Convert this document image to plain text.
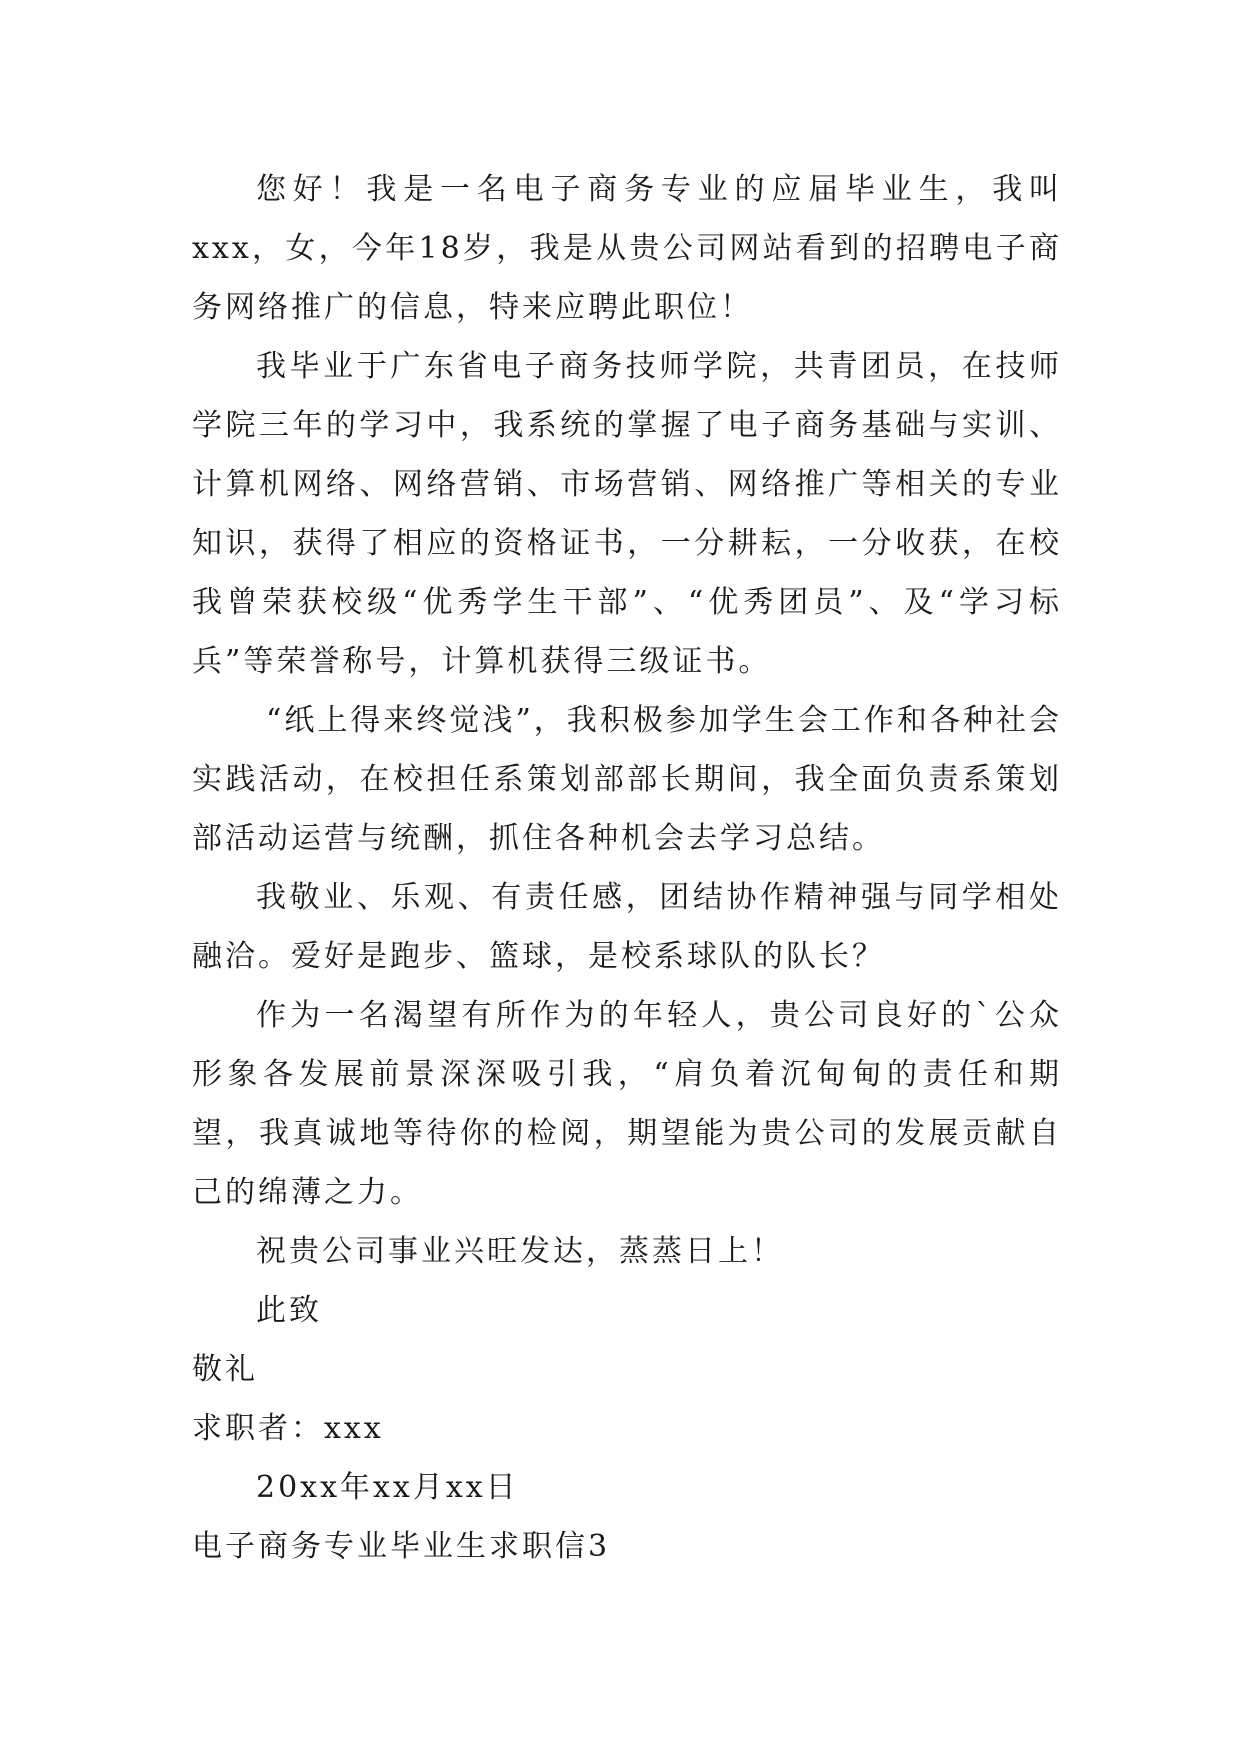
您好！我是一名电子商务专业的应届毕业生，我叫xxx，女，今年18岁，我是从贵公司网站看到的招聘电子商务网络推广的信息，特来应聘此职位！

我毕业于广东省电子商务技师学院，共青团员，在技师学院三年的学习中，我系统的掌握了电子商务基础与实训、计算机网络、网络营销、市场营销、网络推广等相关的专业知识，获得了相应的资格证书，一分耕耘，一分收获，在校我曾荣获校级“优秀学生干部”、“优秀团员”、及“学习标兵”等荣誉称号，计算机获得三级证书。

“纸上得来终觉浅”，我积极参加学生会工作和各种社会实践活动，在校担任系策划部部长期间，我全面负责系策划部活动运营与统酬，抓住各种机会去学习总结。

我敬业、乐观、有责任感，团结协作精神强与同学相处融洽。爱好是跑步、篮球，是校系球队的队长？

作为一名渴望有所作为的年轻人，贵公司良好的`公众形象各发展前景深深吸引我，“肩负着沉甸甸的责任和期望，我真诚地等待你的检阅，期望能为贵公司的发展贡献自己的绵薄之力。

祝贵公司事业兴旺发达，蒸蒸日上！

此致

敬礼

求职者：xxx

20xx年xx月xx日

电子商务专业毕业生求职信3
